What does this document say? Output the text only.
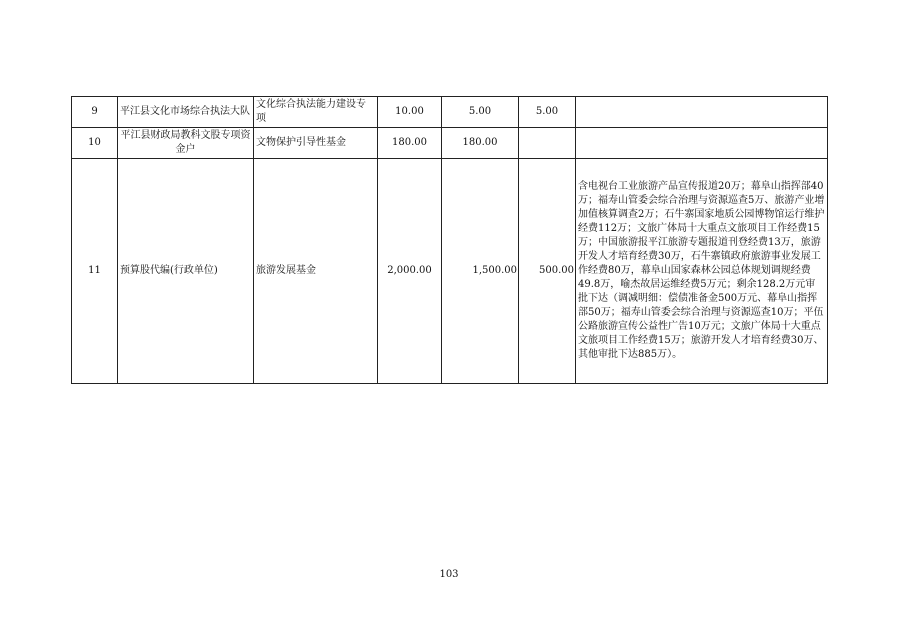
9	平江县文化市场综合执法大队	文化综合执法能力建设专项	10.00	5.00	5.00	
10	平江县财政局教科文股专项资金户	文物保护引导性基金	180.00	180.00		
11	预算股代编(行政单位)	旅游发展基金	2,000.00	1,500.00	500.00	含电视台工业旅游产品宣传报道20万；幕阜山指挥部40万；福寿山管委会综合治理与资源巡查5万、旅游产业增加值核算调查2万；石牛寨国家地质公园博物馆运行维护经费112万；文旅广体局十大重点文旅项目工作经费15万；中国旅游报平江旅游专题报道刊登经费13万，旅游开发人才培育经费30万，石牛寨镇政府旅游事业发展工作经费80万，幕阜山国家森林公园总体规划调规经费49.8万，喻杰故居运维经费5万元；剩余128.2万元审批下达（调减明细：偿债准备金500万元、幕阜山指挥部50万；福寿山管委会综合治理与资源巡查10万；平伍公路旅游宣传公益性广告10万元；文旅广体局十大重点文旅项目工作经费15万；旅游开发人才培育经费30万、其他审批下达885万）。
103
